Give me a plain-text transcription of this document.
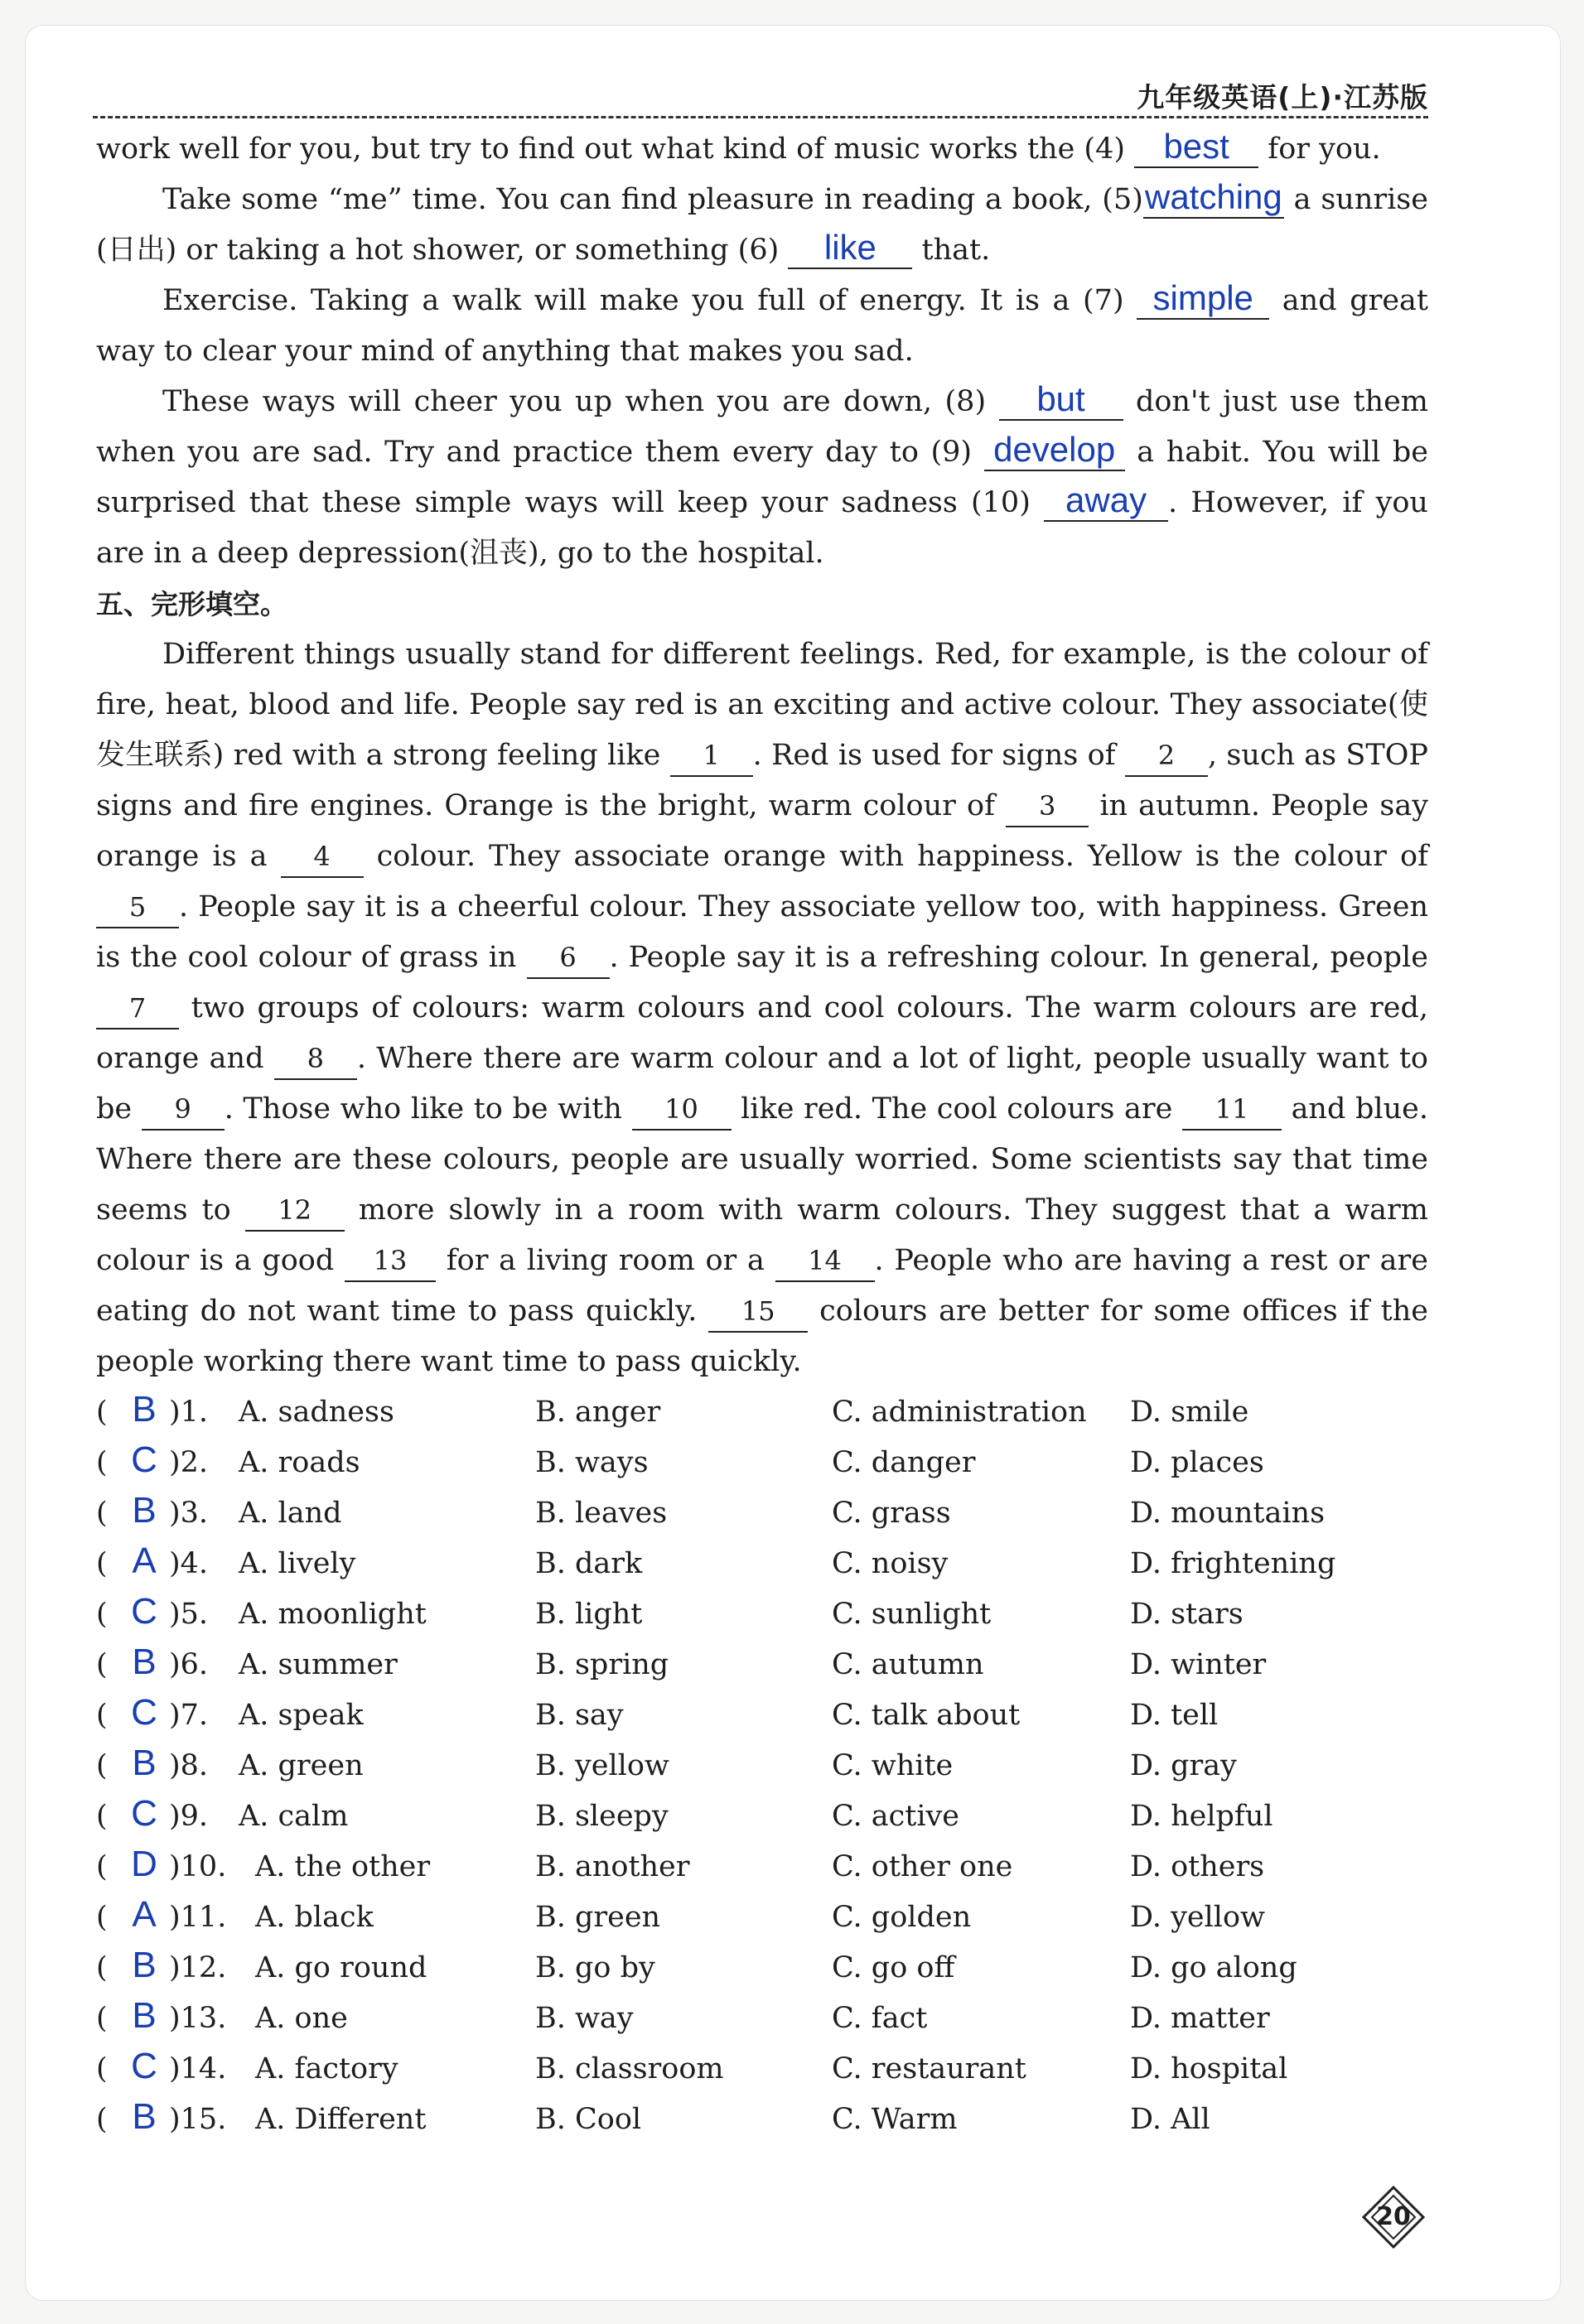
九年级英语(上)·江苏版

work well for you, but try to find out what kind of music works the (4) best for you.

Take some “me” time. You can find pleasure in reading a book, (5)watching a sunrise (日出) or taking a hot shower, or something (6) like that.

Exercise. Taking a walk will make you full of energy. It is a (7) simple and great way to clear your mind of anything that makes you sad.

These ways will cheer you up when you are down, (8) but don't just use them when you are sad. Try and practice them every day to (9) develop a habit. You will be surprised that these simple ways will keep your sadness (10) away . However, if you are in a deep depression(沮丧), go to the hospital.

五、完形填空。

Different things usually stand for different feelings. Red, for example, is the colour of fire, heat, blood and life. People say red is an exciting and active colour. They associate(使发生联系) red with a strong feeling like 1 . Red is used for signs of 2 , such as STOP signs and fire engines. Orange is the bright, warm colour of 3 in autumn. People say orange is a 4 colour. They associate orange with happiness. Yellow is the colour of 5 . People say it is a cheerful colour. They associate yellow too, with happiness. Green is the cool colour of grass in 6 . People say it is a refreshing colour. In general, people 7 two groups of colours: warm colours and cool colours. The warm colours are red, orange and 8 . Where there are warm colour and a lot of light, people usually want to be 9 . Those who like to be with 10 like red. The cool colours are 11 and blue. Where there are these colours, people are usually worried. Some scientists say that time seems to 12 more slowly in a room with warm colours. They suggest that a warm colour is a good 13 for a living room or a 14 . People who are having a rest or are eating do not want time to pass quickly. 15 colours are better for some offices if the people working there want time to pass quickly.

( B )1. A. sadness	B. anger	C. administration D. smile
( C )2. A. roads	B. ways	C. danger	D. places
( B )3. A. land	B. leaves	C. grass	D. mountains
( A )4. A. lively	B. dark	C. noisy	D. frightening
( C )5. A. moonlight	B. light	C. sunlight	D. stars
( B )6. A. summer	B. spring	C. autumn	D. winter
( C )7. A. speak	B. say	C. talk about	D. tell
( B )8. A. green	B. yellow	C. white	D. gray
( C )9. A. calm	B. sleepy	C. active	D. helpful
( D )10. A. the other	B. another	C. other one	D. others
( A )11. A. black	B. green	C. golden	D. yellow
( B )12. A. go round	B. go by	C. go off	D. go along
( B )13. A. one	B. way	C. fact	D. matter
( C )14. A. factory	B. classroom	C. restaurant	D. hospital
( B )15. A. Different	B. Cool	C. Warm	D. All
20
